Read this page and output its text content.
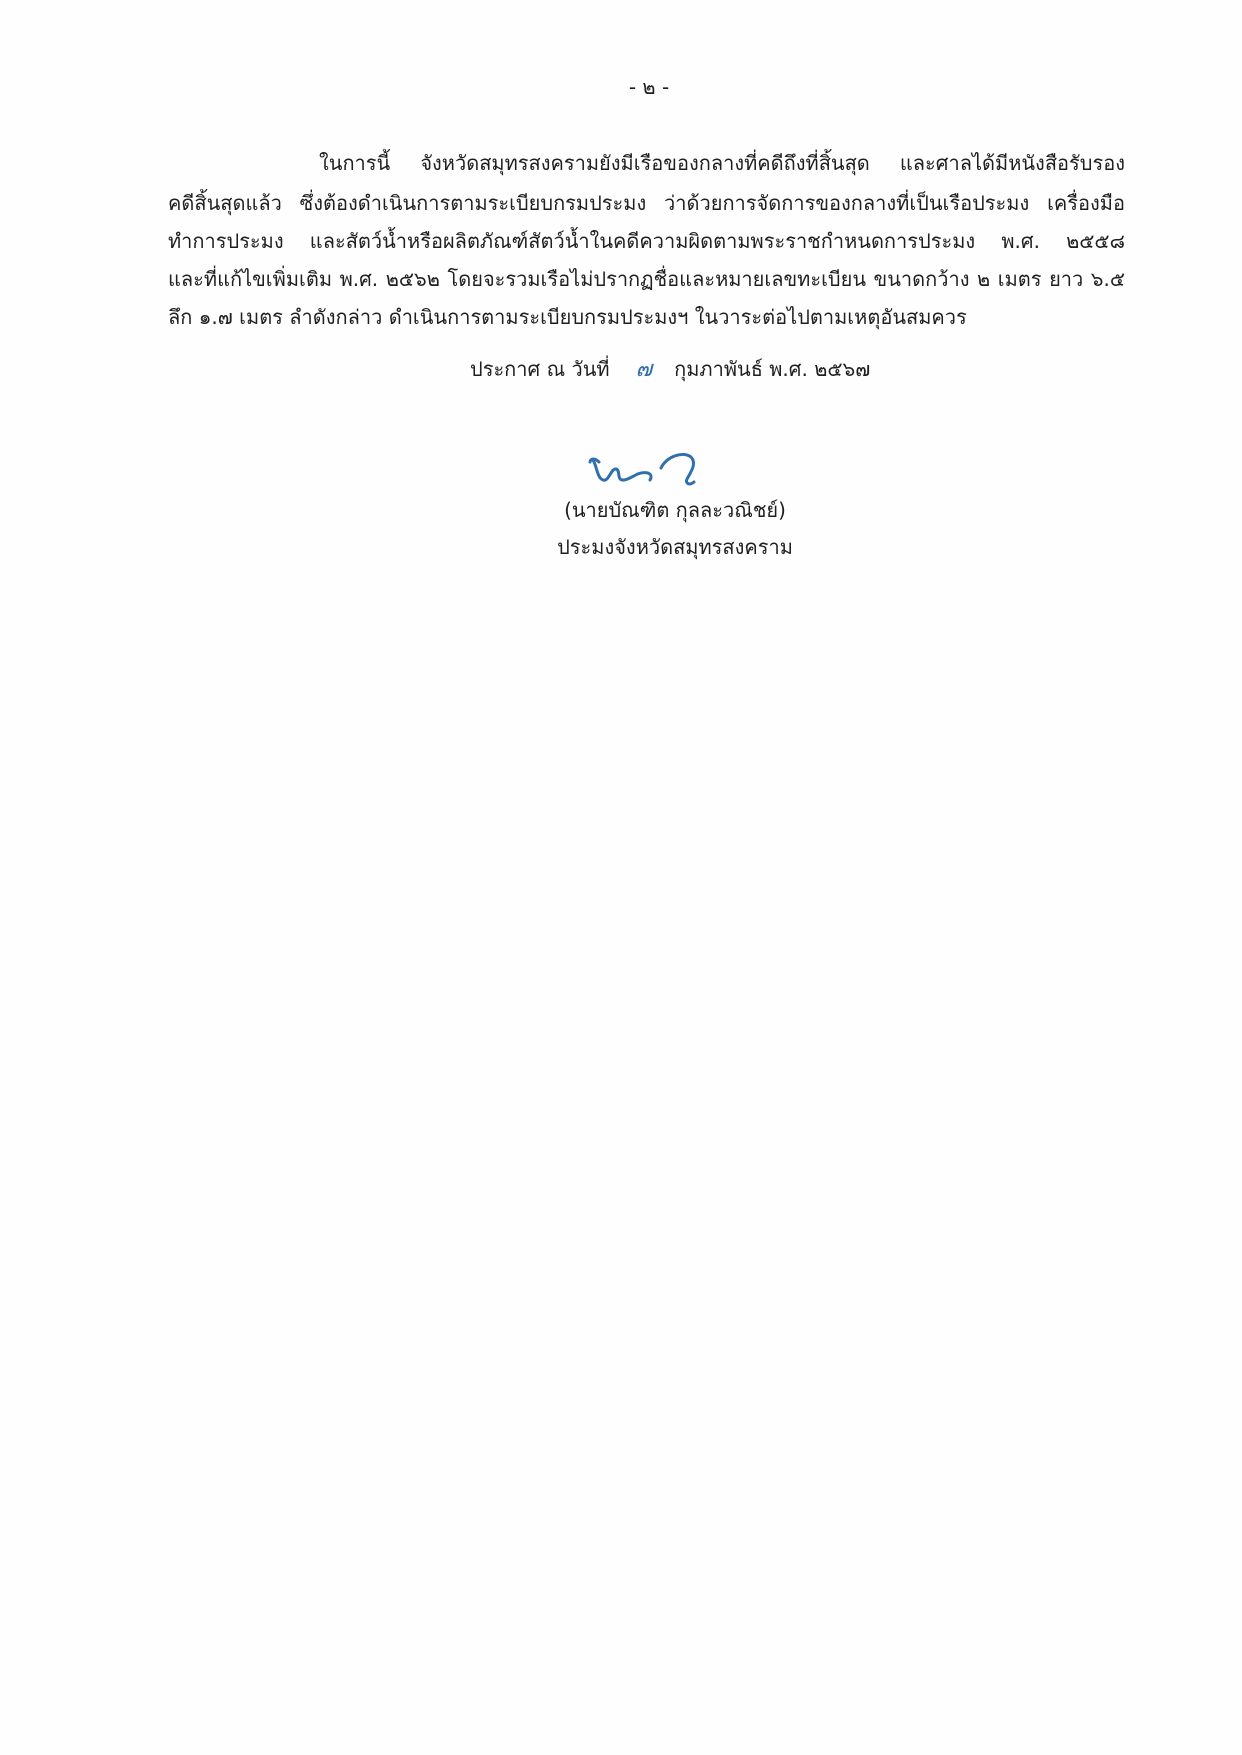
- ๒ -
ในการนี้ จังหวัดสมุทรสงครามยังมีเรือของกลางที่คดีถึงที่สิ้นสุด และศาลได้มีหนังสือรับรอง
คดีสิ้นสุดแล้ว ซึ่งต้องดำเนินการตามระเบียบกรมประมง ว่าด้วยการจัดการของกลางที่เป็นเรือประมง เครื่องมือ
ทำการประมง และสัตว์น้ำหรือผลิตภัณฑ์สัตว์น้ำในคดีความผิดตามพระราชกำหนดการประมง พ.ศ. ๒๕๕๘
และที่แก้ไขเพิ่มเติม พ.ศ. ๒๕๖๒ โดยจะรวมเรือไม่ปรากฏชื่อและหมายเลขทะเบียน ขนาดกว้าง ๒ เมตร ยาว ๖.๕
ลึก ๑.๗ เมตร ลำดังกล่าว ดำเนินการตามระเบียบกรมประมงฯ ในวาระต่อไปตามเหตุอันสมควร
ประกาศ ณ วันที่ ๗ กุมภาพันธ์ พ.ศ. ๒๕๖๗
(นายบัณฑิต กุลละวณิชย์)
ประมงจังหวัดสมุทรสงคราม
